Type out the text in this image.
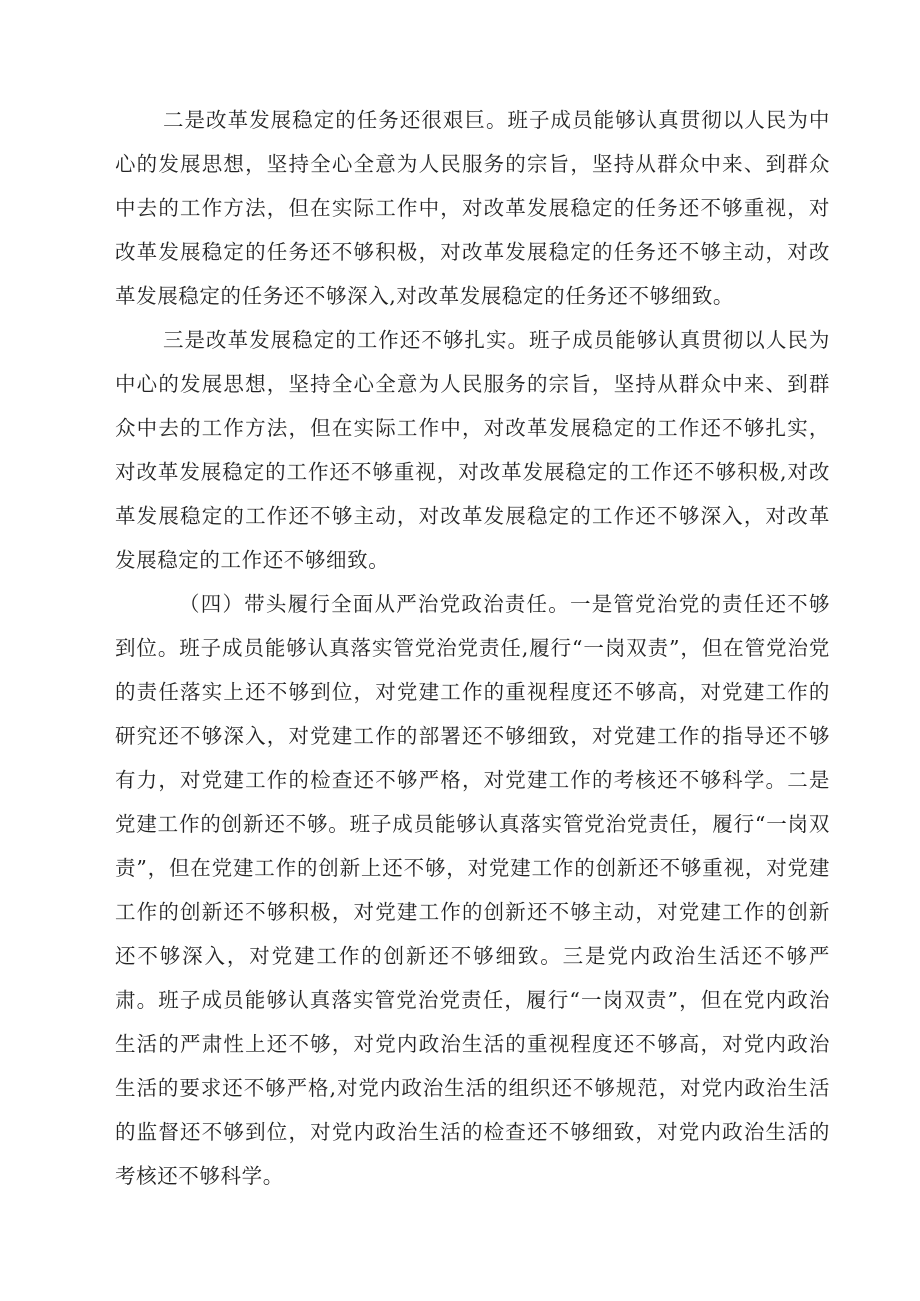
二是改革发展稳定的任务还很艰巨。班子成员能够认真贯彻以人民为中心的发展思想，坚持全心全意为人民服务的宗旨，坚持从群众中来、到群众中去的工作方法，但在实际工作中，对改革发展稳定的任务还不够重视，对改革发展稳定的任务还不够积极，对改革发展稳定的任务还不够主动，对改革发展稳定的任务还不够深入,对改革发展稳定的任务还不够细致。

三是改革发展稳定的工作还不够扎实。班子成员能够认真贯彻以人民为中心的发展思想，坚持全心全意为人民服务的宗旨，坚持从群众中来、到群众中去的工作方法，但在实际工作中，对改革发展稳定的工作还不够扎实，对改革发展稳定的工作还不够重视，对改革发展稳定的工作还不够积极,对改革发展稳定的工作还不够主动，对改革发展稳定的工作还不够深入，对改革发展稳定的工作还不够细致。

（四）带头履行全面从严治党政治责任。一是管党治党的责任还不够到位。班子成员能够认真落实管党治党责任,履行“一岗双责”，但在管党治党的责任落实上还不够到位，对党建工作的重视程度还不够高，对党建工作的研究还不够深入，对党建工作的部署还不够细致，对党建工作的指导还不够有力，对党建工作的检查还不够严格，对党建工作的考核还不够科学。二是党建工作的创新还不够。班子成员能够认真落实管党治党责任，履行“一岗双责”，但在党建工作的创新上还不够，对党建工作的创新还不够重视，对党建工作的创新还不够积极，对党建工作的创新还不够主动，对党建工作的创新还不够深入，对党建工作的创新还不够细致。三是党内政治生活还不够严肃。班子成员能够认真落实管党治党责任，履行“一岗双责”，但在党内政治生活的严肃性上还不够，对党内政治生活的重视程度还不够高，对党内政治生活的要求还不够严格,对党内政治生活的组织还不够规范，对党内政治生活的监督还不够到位，对党内政治生活的检查还不够细致，对党内政治生活的考核还不够科学。
